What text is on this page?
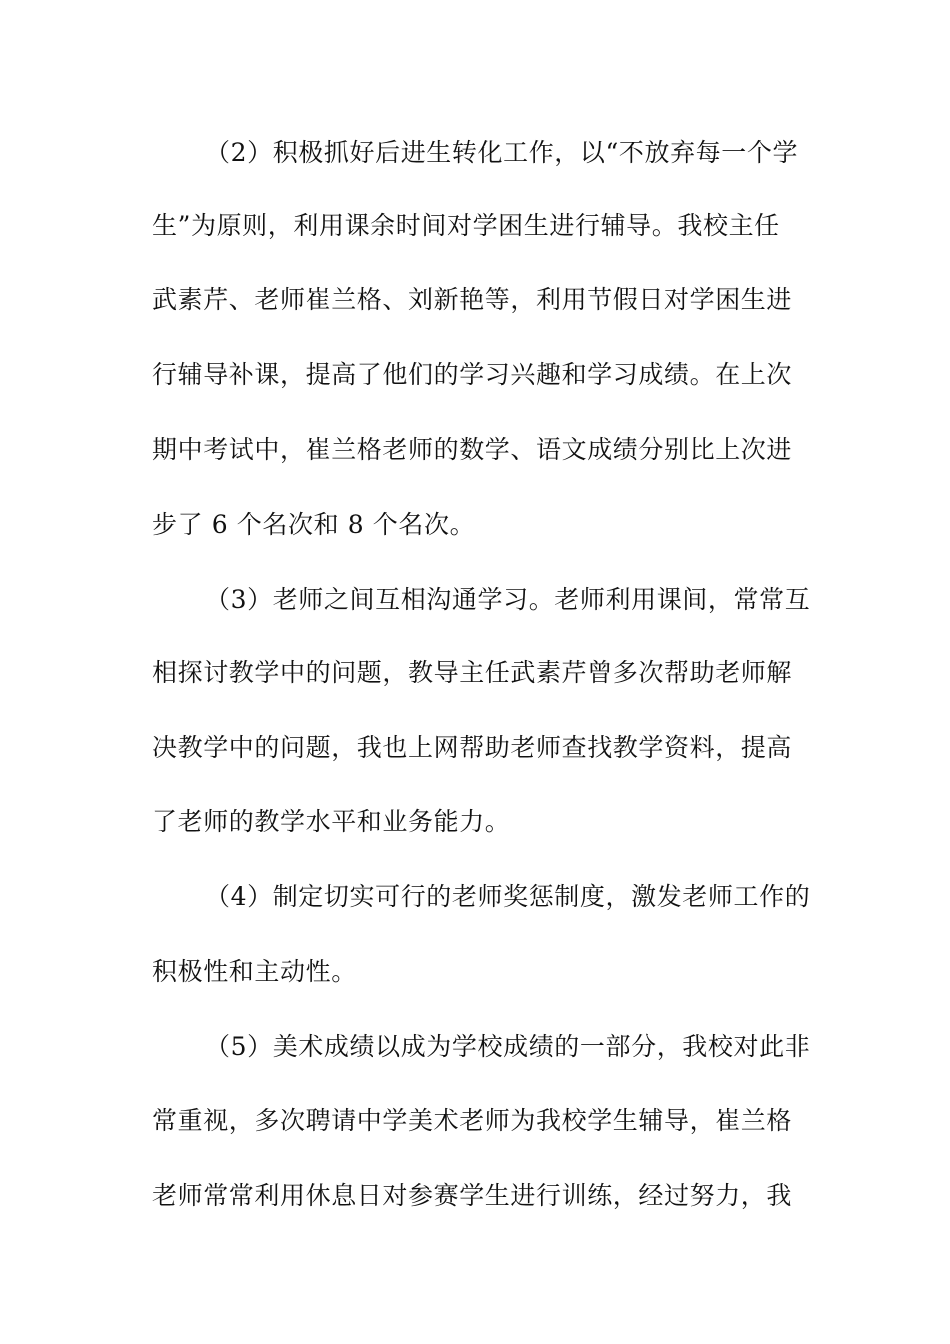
（2）积极抓好后进生转化工作，以“不放弃每一个学
生”为原则，利用课余时间对学困生进行辅导。我校主任
武素芹、老师崔兰格、刘新艳等，利用节假日对学困生进
行辅导补课，提高了他们的学习兴趣和学习成绩。在上次
期中考试中，崔兰格老师的数学、语文成绩分别比上次进
步了 6 个名次和 8 个名次。
（3）老师之间互相沟通学习。老师利用课间，常常互
相探讨教学中的问题，教导主任武素芹曾多次帮助老师解
决教学中的问题，我也上网帮助老师查找教学资料，提高
了老师的教学水平和业务能力。
（4）制定切实可行的老师奖惩制度，激发老师工作的
积极性和主动性。
（5）美术成绩以成为学校成绩的一部分，我校对此非
常重视，多次聘请中学美术老师为我校学生辅导，崔兰格
老师常常利用休息日对参赛学生进行训练，经过努力，我
